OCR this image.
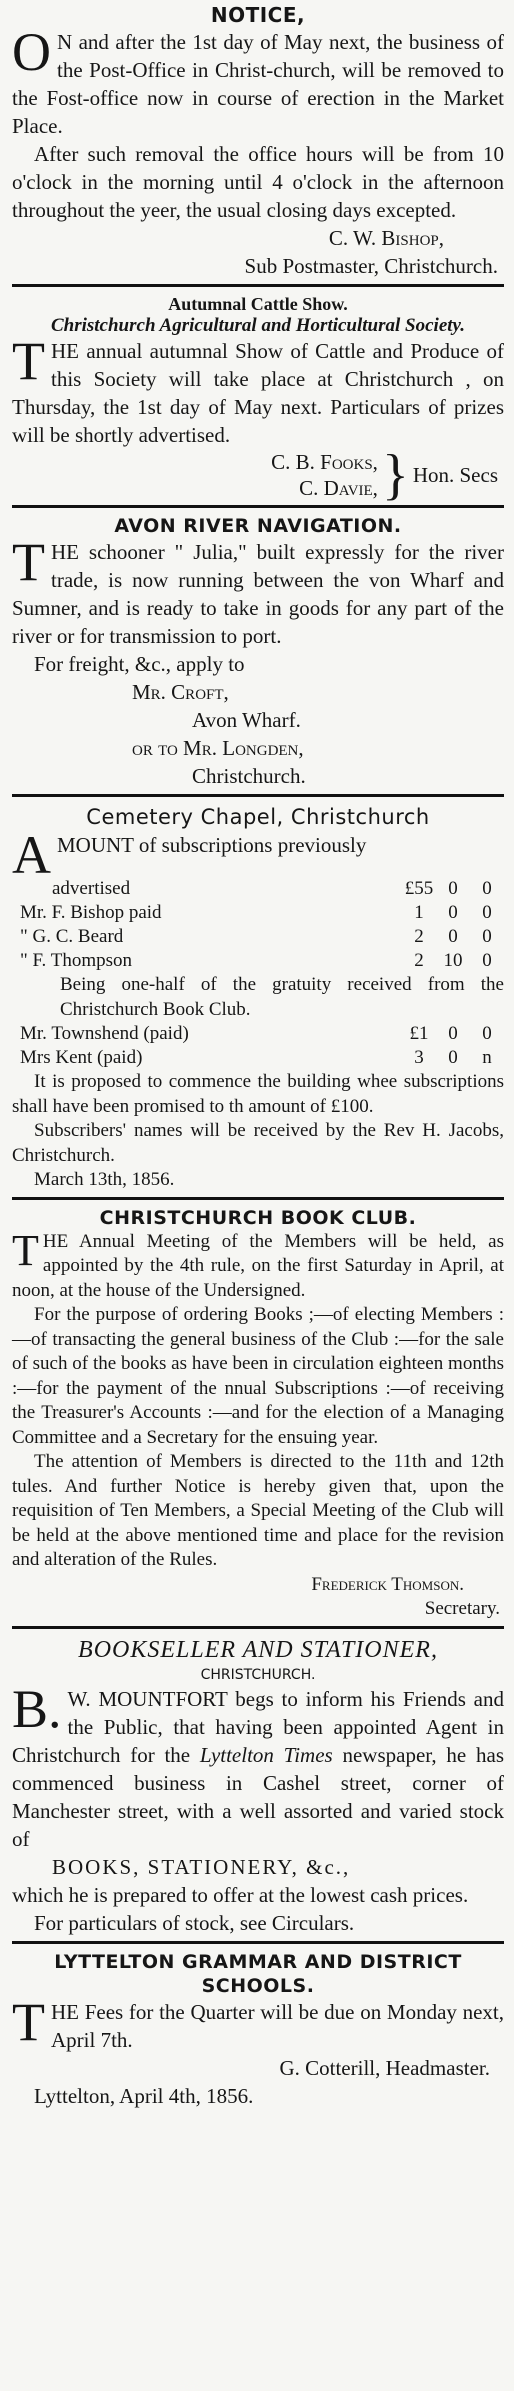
NOTICE,

O N and after the 1st day of May next, the business of the Post-Office in Christ-church, will be removed to the Fost-office now in course of erection in the Market Place.

After such removal the office hours will be from 10 o'clock in the morning until 4 o'clock in the afternoon throughout the yeer, the usual closing days excepted.

C. W. Bishop,

Sub Postmaster, Christchurch.

Autumnal Cattle Show.
Christchurch Agricultural and Horticultural Society.

THE annual autumnal Show of Cattle and Produce of this Society will take place at Christchurch , on Thursday, the 1st day of May next. Particulars of prizes will be shortly advertised.

C. B. Fooks,
C. Davie, } Hon. Secs
AVON RIVER NAVIGATION.

THE schooner " Julia," built expressly for the river trade, is now running between the von Wharf and Sumner, and is ready to take in goods for any part of the river or for transmission to port.

For freight, &c., apply to

Mr. Croft,

Avon Wharf.

or to Mr. Longden,

Christchurch.

Cemetery Chapel, Christchurch

AMOUNT of subscriptions previously

advertised	£55	0	0
Mr. F. Bishop paid	1	0	0
" G. C. Beard	2	0	0
" F. Thompson	2	10	0

Being one-half of the gratuity received from the Christchurch Book Club.

Mr. Townshend (paid)	£1	0	0
Mrs Kent (paid)	3	0	n

It is proposed to commence the building whee subscriptions shall have been promised to th amount of £100.

Subscribers' names will be received by the Rev H. Jacobs, Christchurch.

March 13th, 1856.

CHRISTCHURCH BOOK CLUB.

THE Annual Meeting of the Members will be held, as appointed by the 4th rule, on the first Saturday in April, at noon, at the house of the Undersigned.

For the purpose of ordering Books ;—of electing Members :—of transacting the general business of the Club :—for the sale of such of the books as have been in circulation eighteen months :—for the payment of the nnual Subscriptions :—of receiving the Treasurer's Accounts :—and for the election of a Managing Committee and a Secretary for the ensuing year.

The attention of Members is directed to the 11th and 12th tules. And further Notice is hereby given that, upon the requisition of Ten Members, a Special Meeting of the Club will be held at the above mentioned time and place for the revision and alteration of the Rules.

Frederick Thomson.

Secretary.

BOOKSELLER AND STATIONER,

CHRISTCHURCH.

B. W. MOUNTFORT begs to inform his Friends and the Public, that having been appointed Agent in Christchurch for the Lyttelton Times newspaper, he has commenced business in Cashel street, corner of Manchester street, with a well assorted and varied stock of

BOOKS, STATIONERY, &c.,

which he is prepared to offer at the lowest cash prices.

For particulars of stock, see Circulars.

LYTTELTON GRAMMAR AND DISTRICT SCHOOLS.

THE Fees for the Quarter will be due on Monday next, April 7th.

G. Cotterill, Headmaster.

Lyttelton, April 4th, 1856.
